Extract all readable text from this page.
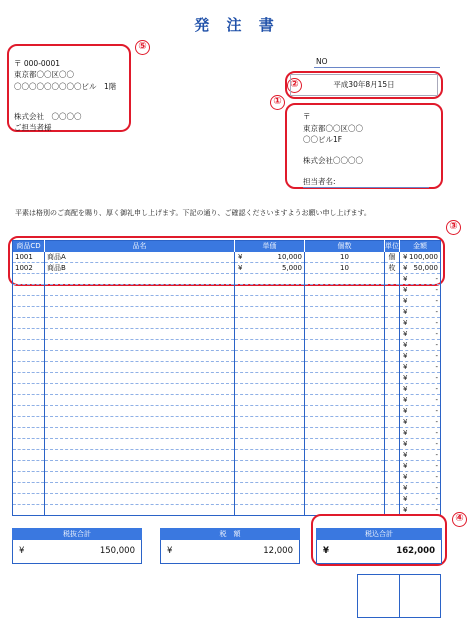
発 注 書
⑤
〒 000-0001
東京都〇〇区〇〇
〇〇〇〇〇〇〇〇〇ビル　1階
株式会社　〇〇〇〇
ご担当者様
NO
②	平成30年8月15日
①
〒
東京都〇〇区〇〇
〇〇ビル1F
株式会社〇〇〇〇
担当者名:
平素は格別のご高配を賜り、厚く御礼申し上げます。下記の通り、ご確認くださいますようお願い申し上げます。
③
商品CD	品名	単価	個数	単位	金額
1001	商品A	¥ 10,000	10	個	¥ 100,000

1002	商品B	¥ 5,000	10	枚	¥ 50,000

					¥ -

					¥ -

					¥ -

					¥ -

					¥ -

					¥ -

					¥ -

					¥ -

					¥ -

					¥ -

					¥ -

					¥ -

					¥ -

					¥ -

					¥ -

					¥ -

					¥ -

					¥ -

					¥ -

					¥ -

					¥ -

					¥ -
税抜合計
¥	150,000
税　額
¥	12,000
④
税込合計
¥	162,000
